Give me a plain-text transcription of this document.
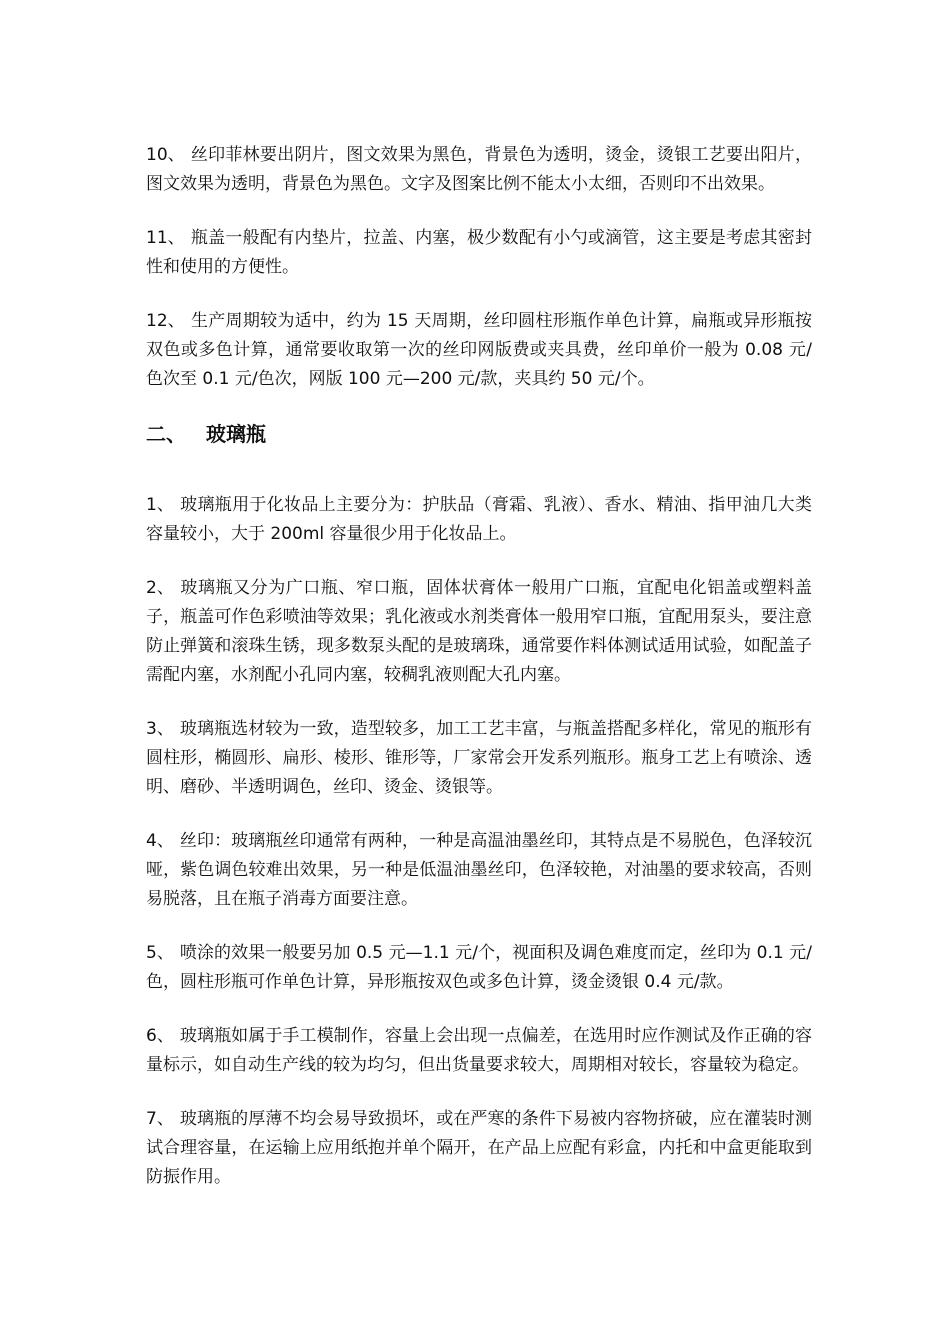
10、 丝印菲林要出阴片，图文效果为黑色，背景色为透明，烫金，烫银工艺要出阳片，图文效果为透明，背景色为黑色。文字及图案比例不能太小太细，否则印不出效果。

11、 瓶盖一般配有内垫片，拉盖、内塞，极少数配有小勺或滴管，这主要是考虑其密封性和使用的方便性。

12、 生产周期较为适中，约为 15 天周期，丝印圆柱形瓶作单色计算，扁瓶或异形瓶按双色或多色计算，通常要收取第一次的丝印网版费或夹具费，丝印单价一般为 0.08 元/色次至 0.1 元/色次，网版 100 元—200 元/款，夹具约 50 元/个。

二、 玻璃瓶

1、 玻璃瓶用于化妆品上主要分为：护肤品（膏霜、乳液）、香水、精油、指甲油几大类容量较小，大于 200ml 容量很少用于化妆品上。

2、 玻璃瓶又分为广口瓶、窄口瓶，固体状膏体一般用广口瓶，宜配电化铝盖或塑料盖子，瓶盖可作色彩喷油等效果；乳化液或水剂类膏体一般用窄口瓶，宜配用泵头，要注意防止弹簧和滚珠生锈，现多数泵头配的是玻璃珠，通常要作料体测试适用试验，如配盖子需配内塞，水剂配小孔同内塞，较稠乳液则配大孔内塞。

3、 玻璃瓶选材较为一致，造型较多，加工工艺丰富，与瓶盖搭配多样化，常见的瓶形有圆柱形，椭圆形、扁形、棱形、锥形等，厂家常会开发系列瓶形。瓶身工艺上有喷涂、透明、磨砂、半透明调色，丝印、烫金、烫银等。

4、 丝印：玻璃瓶丝印通常有两种，一种是高温油墨丝印，其特点是不易脱色，色泽较沉哑，紫色调色较难出效果，另一种是低温油墨丝印，色泽较艳，对油墨的要求较高，否则易脱落，且在瓶子消毒方面要注意。

5、 喷涂的效果一般要另加 0.5 元—1.1 元/个，视面积及调色难度而定，丝印为 0.1 元/色，圆柱形瓶可作单色计算，异形瓶按双色或多色计算，烫金烫银 0.4 元/款。

6、 玻璃瓶如属于手工模制作，容量上会出现一点偏差，在选用时应作测试及作正确的容量标示，如自动生产线的较为均匀，但出货量要求较大，周期相对较长，容量较为稳定。

7、 玻璃瓶的厚薄不均会易导致损坏，或在严寒的条件下易被内容物挤破，应在灌装时测试合理容量，在运输上应用纸抱并单个隔开，在产品上应配有彩盒，内托和中盒更能取到防振作用。
